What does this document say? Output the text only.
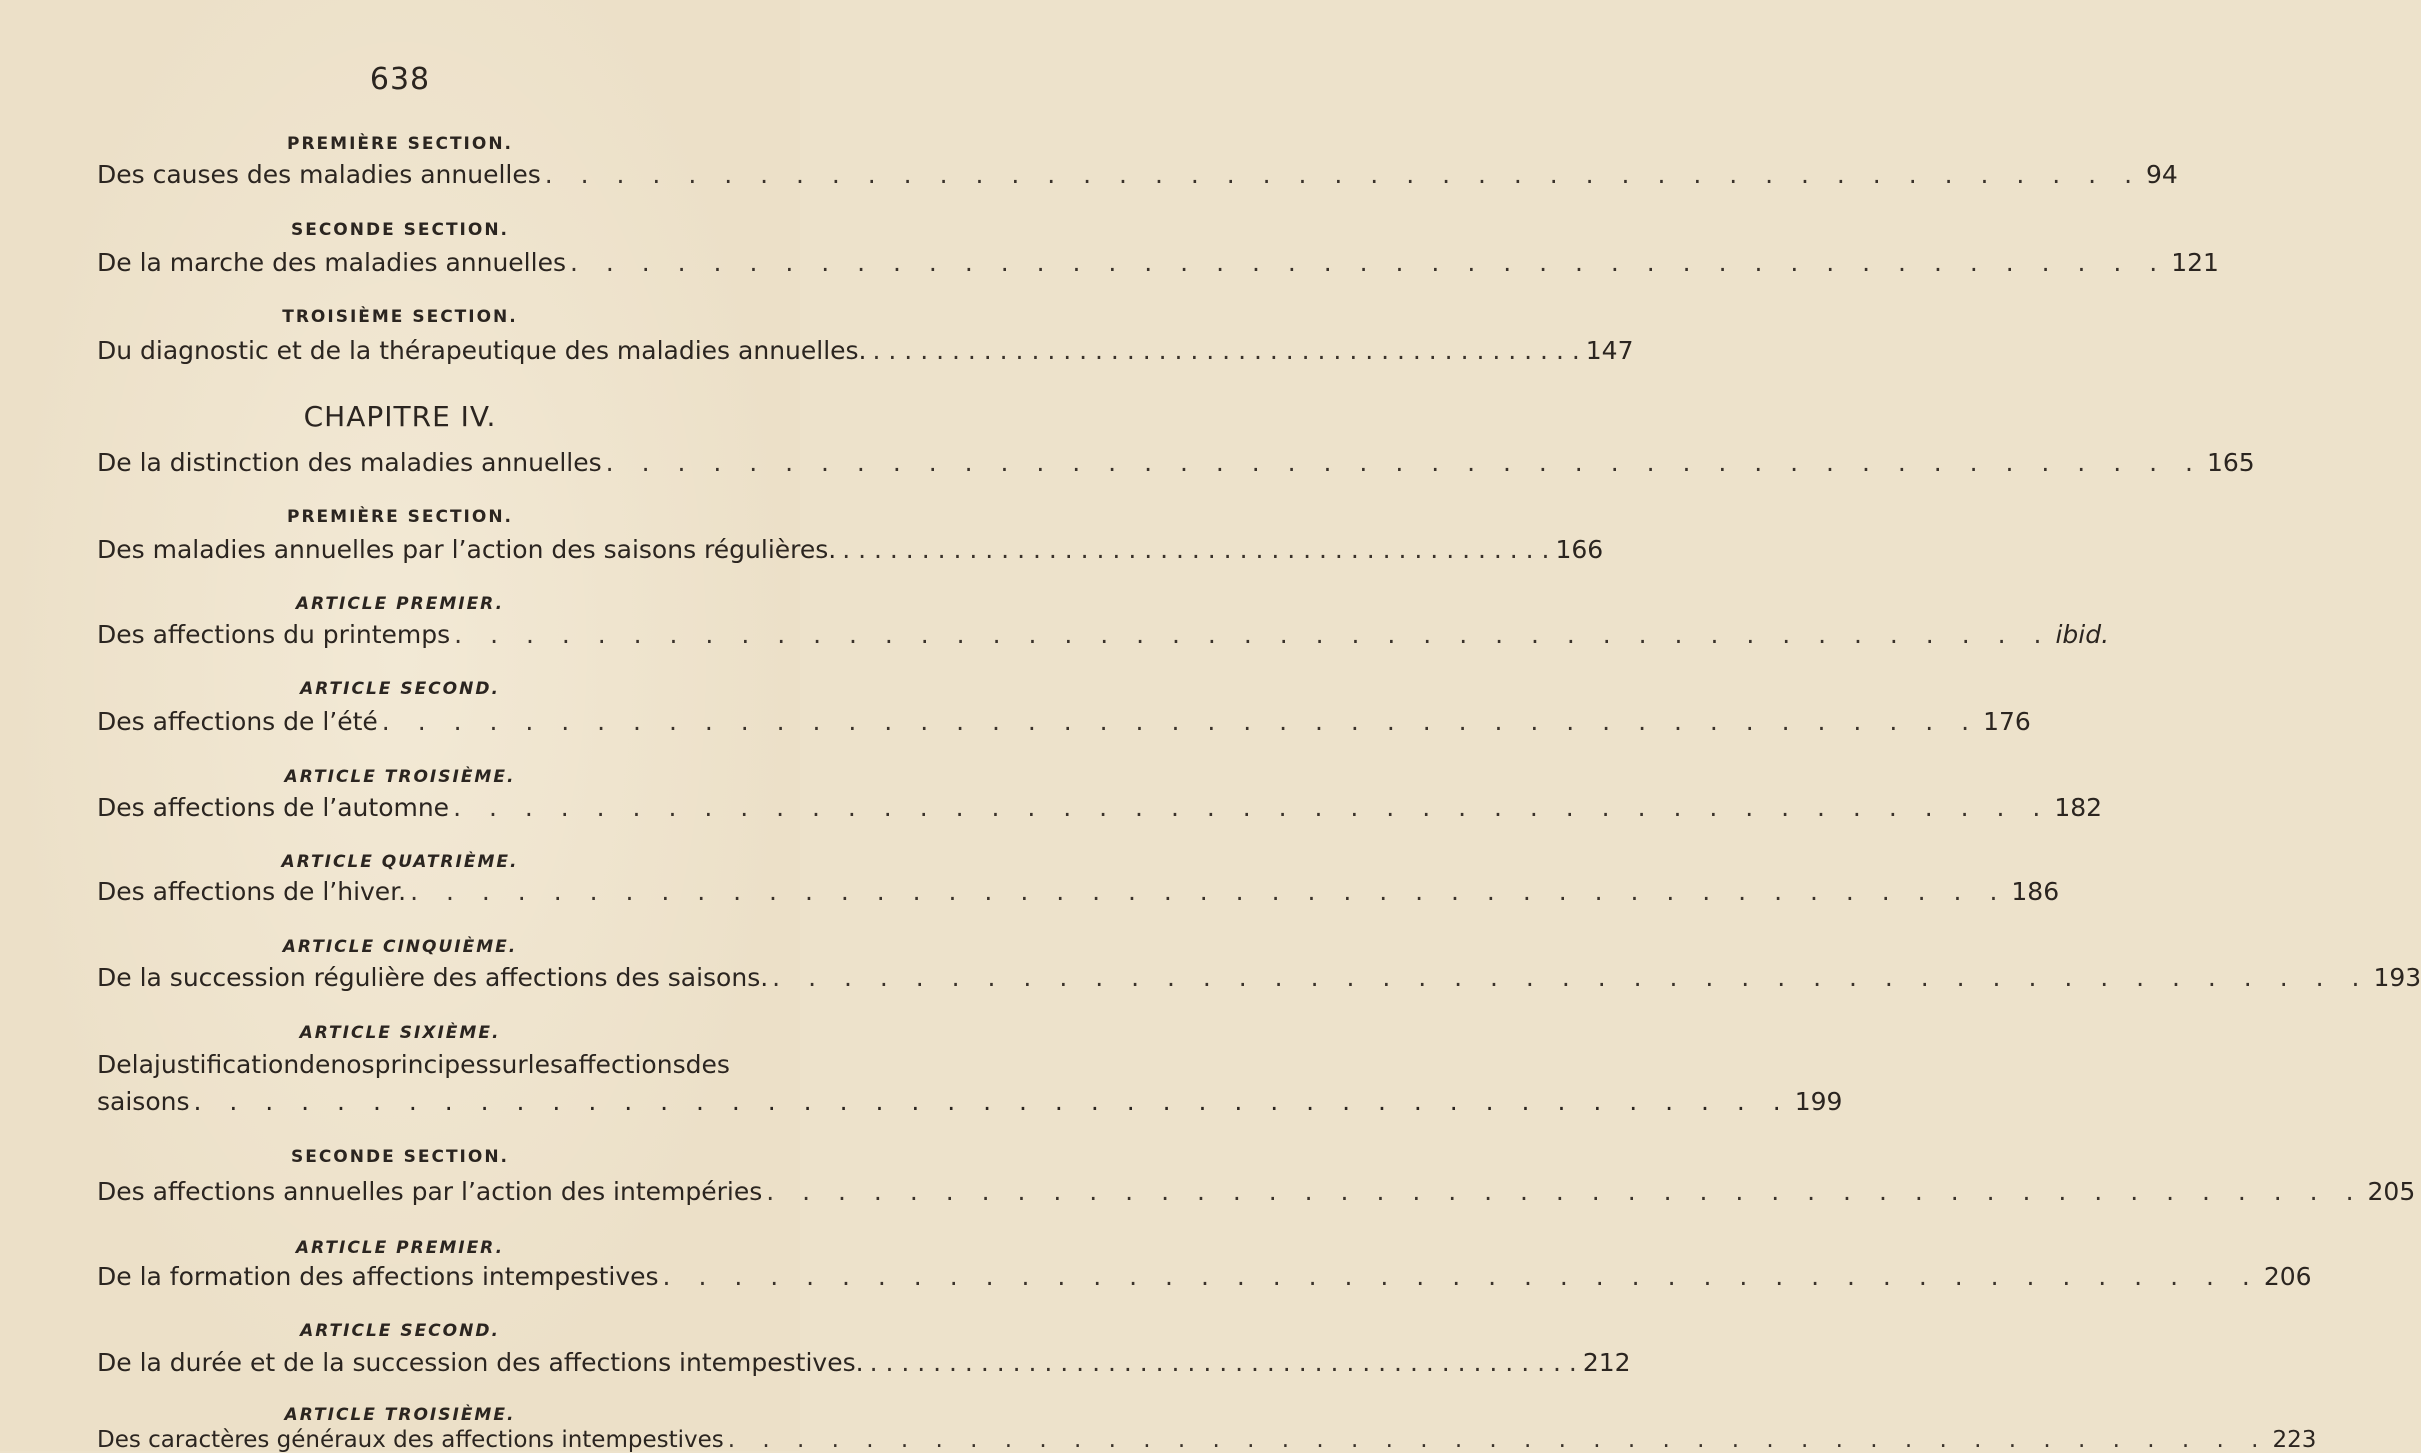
638
PREMIÈRE SECTION.
Des causes des maladies annuelles . . .	94
SECONDE SECTION.
De la marche des maladies annuelles . . .	121
TROISIÈME SECTION.
Du diagnostic et de la thérapeutique des maladies annuelles. . . .	147
CHAPITRE IV.
De la distinction des maladies annuelles . . .	165
PREMIÈRE SECTION.
Des maladies annuelles par l’action des saisons régulières. . . .	166
ARTICLE PREMIER.
Des affections du printemps . . .	ibid.
ARTICLE SECOND.
Des affections de l’été . . .	176
ARTICLE TROISIÈME.
Des affections de l’automne . . .	182
ARTICLE QUATRIÈME.
Des affections de l’hiver. . . .	186
ARTICLE CINQUIÈME.
De la succession régulière des affections des saisons. . . .	193
ARTICLE SIXIÈME.
De la justification de nos principes sur les affections des
saisons . . .	199
SECONDE SECTION.
Des affections annuelles par l’action des intempéries . . .	205
ARTICLE PREMIER.
De la formation des affections intempestives . . .	206
ARTICLE SECOND.
De la durée et de la succession des affections intempestives. . . .	212
ARTICLE TROISIÈME.
Des caractères généraux des affections intempestives . . .	223
